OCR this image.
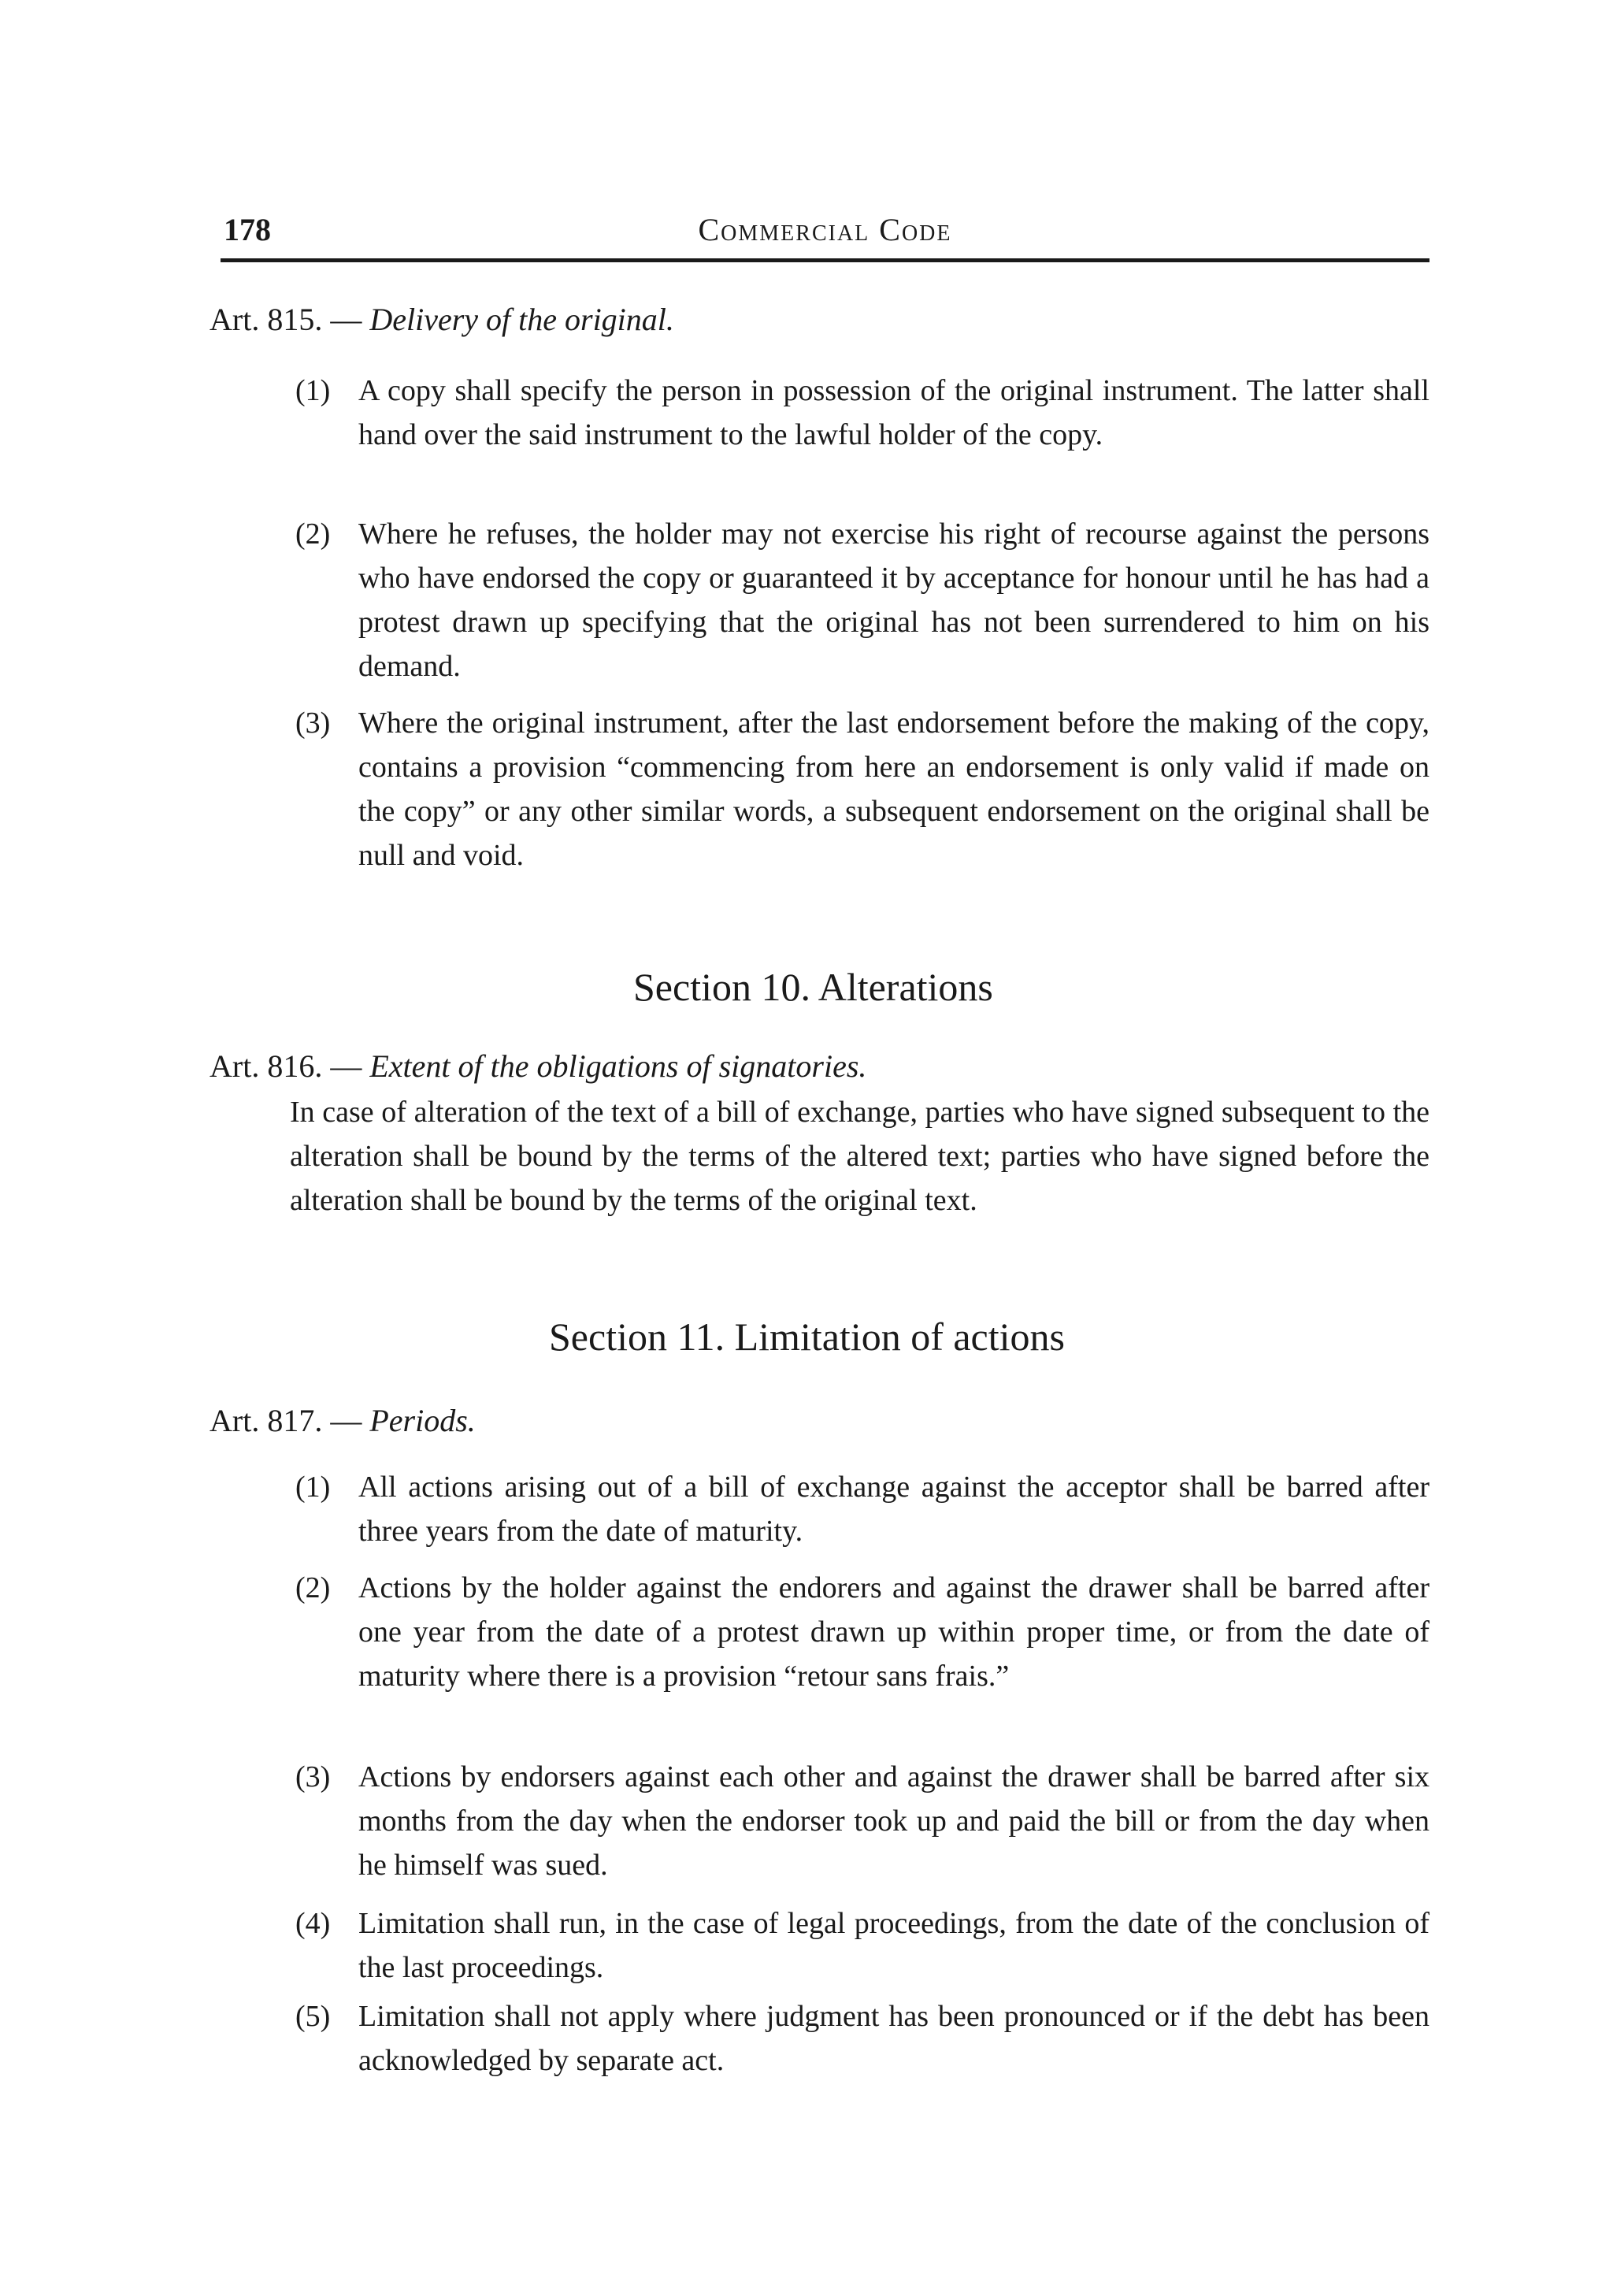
178	Commercial Code
Art. 815. — Delivery of the original.
(1) A copy shall specify the person in possession of the original instrument. The latter shall hand over the said instrument to the lawful holder of the copy.
(2) Where he refuses, the holder may not exercise his right of recourse against the persons who have endorsed the copy or guaranteed it by acceptance for honour until he has had a protest drawn up specifying that the original has not been surrendered to him on his demand.
(3) Where the original instrument, after the last endorsement before the making of the copy, contains a provision “commencing from here an endorsement is only valid if made on the copy” or any other similar words, a subsequent endorsement on the original shall be null and void.
Section 10. Alterations
Art. 816. — Extent of the obligations of signatories.
In case of alteration of the text of a bill of exchange, parties who have signed subsequent to the alteration shall be bound by the terms of the altered text; parties who have signed before the alteration shall be bound by the terms of the original text.
Section 11. Limitation of actions
Art. 817. — Periods.
(1) All actions arising out of a bill of exchange against the acceptor shall be barred after three years from the date of maturity.
(2) Actions by the holder against the endorers and against the drawer shall be barred after one year from the date of a protest drawn up within proper time, or from the date of maturity where there is a provision “retour sans frais.”
(3) Actions by endorsers against each other and against the drawer shall be barred after six months from the day when the endorser took up and paid the bill or from the day when he himself was sued.
(4) Limitation shall run, in the case of legal proceedings, from the date of the conclusion of the last proceedings.
(5) Limitation shall not apply where judgment has been pronounced or if the debt has been acknowledged by separate act.
